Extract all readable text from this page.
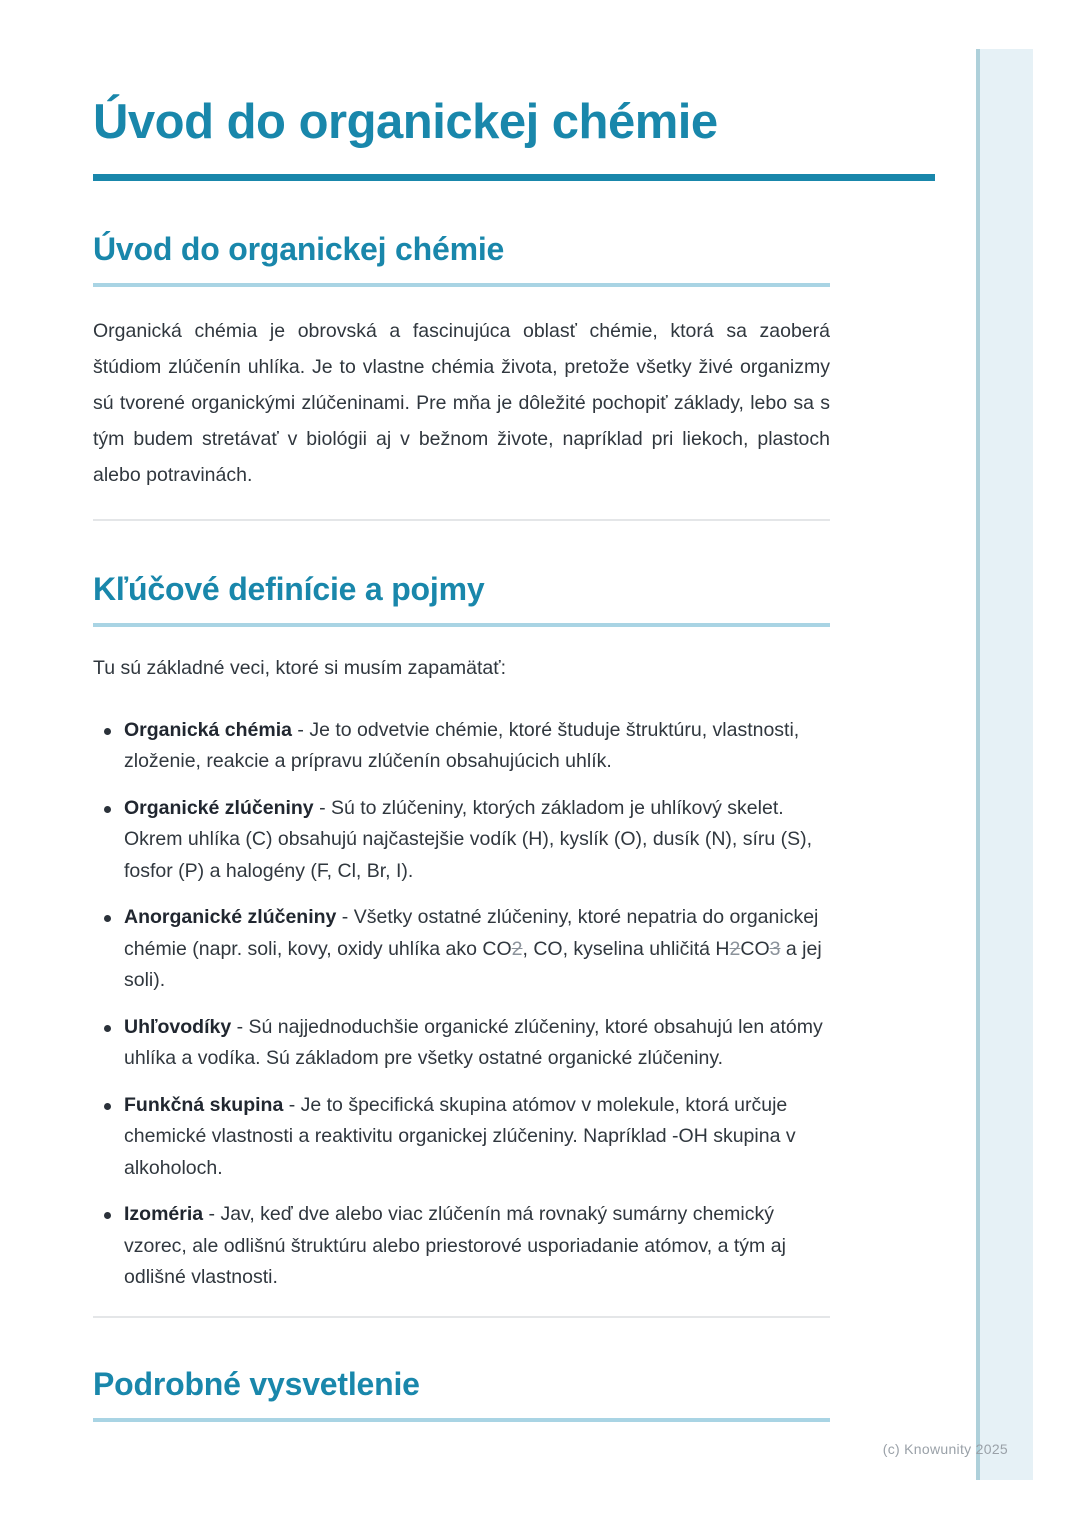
Úvod do organickej chémie
Úvod do organickej chémie

Organická chémia je obrovská a fascinujúca oblasť chémie, ktorá sa zaoberá štúdiom zlúčenín uhlíka. Je to vlastne chémia života, pretože všetky živé organizmy sú tvorené organickými zlúčeninami. Pre mňa je dôležité pochopiť základy, lebo sa s tým budem stretávať v biológii aj v bežnom živote, napríklad pri liekoch, plastoch alebo potravinách.

Kľúčové definície a pojmy

Tu sú základné veci, ktoré si musím zapamätať:

Organická chémia - Je to odvetvie chémie, ktoré študuje štruktúru, vlastnosti, zloženie, reakcie a prípravu zlúčenín obsahujúcich uhlík.
Organické zlúčeniny - Sú to zlúčeniny, ktorých základom je uhlíkový skelet. Okrem uhlíka (C) obsahujú najčastejšie vodík (H), kyslík (O), dusík (N), síru (S), fosfor (P) a halogény (F, Cl, Br, I).
Anorganické zlúčeniny - Všetky ostatné zlúčeniny, ktoré nepatria do organickej chémie (napr. soli, kovy, oxidy uhlíka ako CO2, CO, kyselina uhličitá H2CO3 a jej soli).
Uhľovodíky - Sú najjednoduchšie organické zlúčeniny, ktoré obsahujú len atómy uhlíka a vodíka. Sú základom pre všetky ostatné organické zlúčeniny.
Funkčná skupina - Je to špecifická skupina atómov v molekule, ktorá určuje chemické vlastnosti a reaktivitu organickej zlúčeniny. Napríklad -OH skupina v alkoholoch.
Izoméria - Jav, keď dve alebo viac zlúčenín má rovnaký sumárny chemický vzorec, ale odlišnú štruktúru alebo priestorové usporiadanie atómov, a tým aj odlišné vlastnosti.
Podrobné vysvetlenie
(c) Knowunity 2025
